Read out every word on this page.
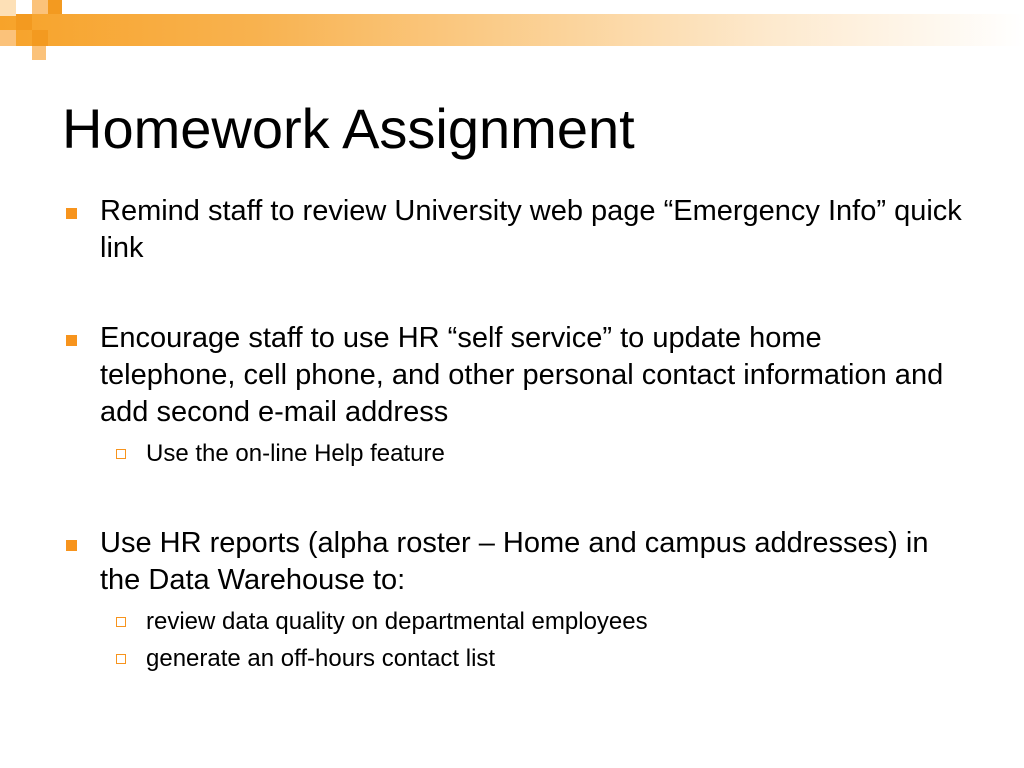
Homework Assignment
Remind staff to review University web page “Emergency Info” quick link
Encourage staff to use HR “self service” to update home telephone, cell phone, and other personal contact information and add second e-mail address
Use the on-line Help feature
Use HR reports (alpha roster – Home and campus addresses) in the Data Warehouse to:
review data quality on departmental employees
generate an off-hours contact list
